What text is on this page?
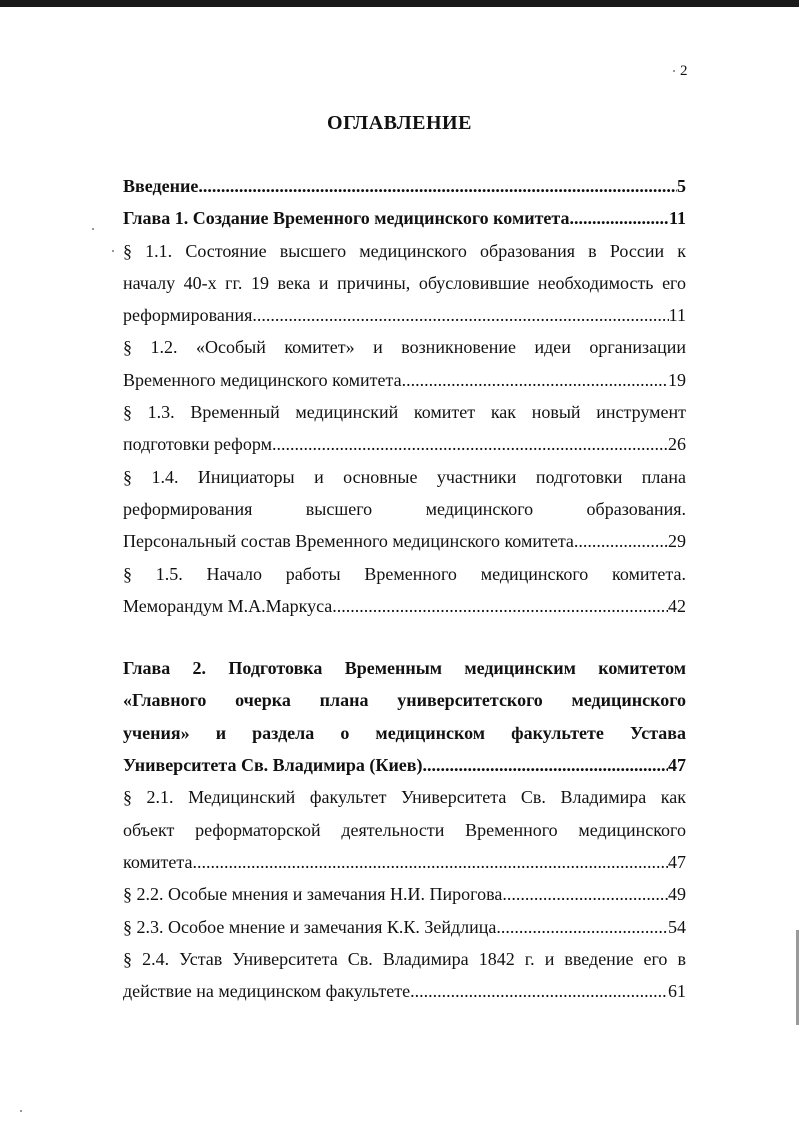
2
ОГЛАВЛЕНИЕ
Введение .....	5
Глава 1. Создание Временного медицинского комитета .....	11
§ 1.1. Состояние высшего медицинского образования в России к
началу 40-х гг. 19 века и причины, обусловившие необходимость его
реформирования .....	11
§ 1.2. «Особый комитет» и возникновение идеи организации
Временного медицинского комитета .....	19
§ 1.3. Временный медицинский комитет как новый инструмент
подготовки реформ .....	26
§ 1.4. Инициаторы и основные участники подготовки плана
реформирования высшего медицинского образования.
Персональный состав Временного медицинского комитета .....	29
§ 1.5. Начало работы Временного медицинского комитета.
Меморандум М.А.Маркуса .....	42
Глава 2. Подготовка Временным медицинским комитетом
«Главного очерка плана университетского медицинского
учения» и раздела о медицинском факультете Устава
Университета Св. Владимира (Киев) .....	47
§ 2.1. Медицинский факультет Университета Св. Владимира как
объект реформаторской деятельности Временного медицинского
комитета .....	47
§ 2.2. Особые мнения и замечания Н.И. Пирогова .....	49
§ 2.3. Особое мнение и замечания К.К. Зейдлица .....	54
§ 2.4. Устав Университета Св. Владимира 1842 г. и введение его в
действие на медицинском факультете .....	61
